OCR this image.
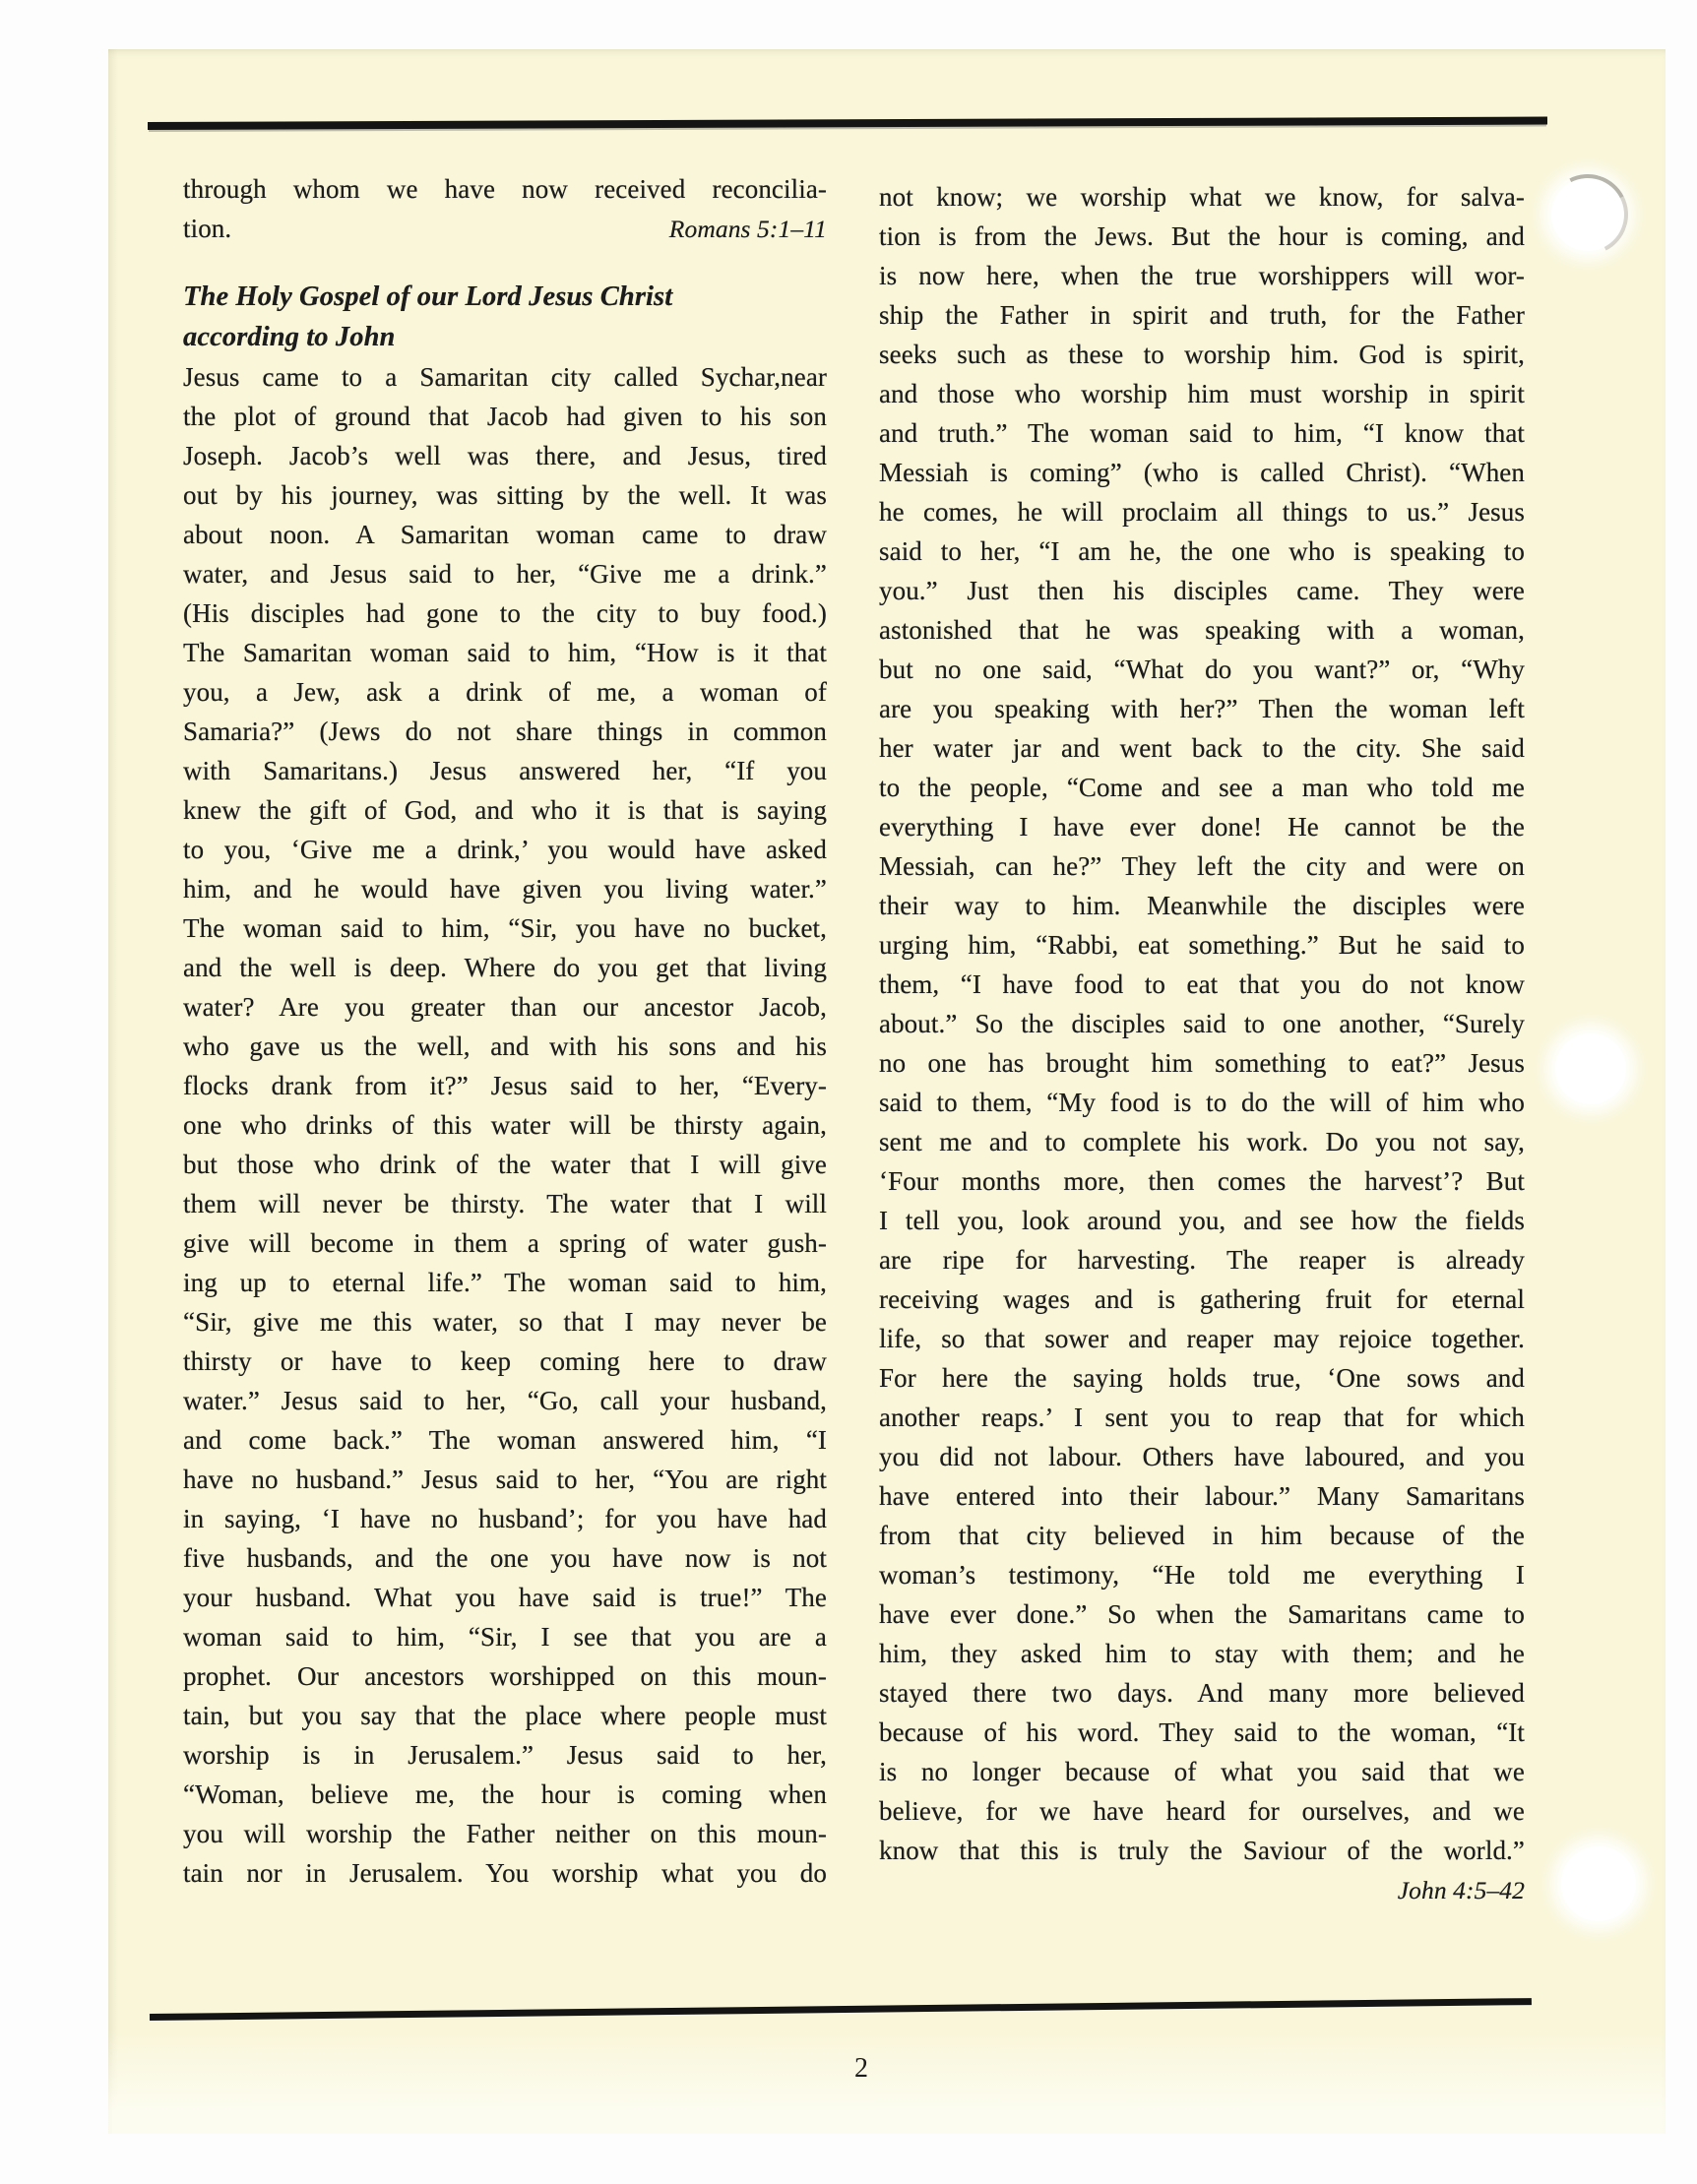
through whom we have now received reconcilia-
tion.	Romans 5:1–11
The Holy Gospel of our Lord Jesus Christ
according to John
Jesus came to a Samaritan city called Sychar,near
the plot of ground that Jacob had given to his son
Joseph. Jacob’s well was there, and Jesus, tired
out by his journey, was sitting by the well. It was
about noon. A Samaritan woman came to draw
water, and Jesus said to her, “Give me a drink.”
(His disciples had gone to the city to buy food.)
The Samaritan woman said to him, “How is it that
you, a Jew, ask a drink of me, a woman of
Samaria?” (Jews do not share things in common
with Samaritans.) Jesus answered her, “If you
knew the gift of God, and who it is that is saying
to you, ‘Give me a drink,’ you would have asked
him, and he would have given you living water.”
The woman said to him, “Sir, you have no bucket,
and the well is deep. Where do you get that living
water? Are you greater than our ancestor Jacob,
who gave us the well, and with his sons and his
flocks drank from it?” Jesus said to her, “Every-
one who drinks of this water will be thirsty again,
but those who drink of the water that I will give
them will never be thirsty. The water that I will
give will become in them a spring of water gush-
ing up to eternal life.” The woman said to him,
“Sir, give me this water, so that I may never be
thirsty or have to keep coming here to draw
water.” Jesus said to her, “Go, call your husband,
and come back.” The woman answered him, “I
have no husband.” Jesus said to her, “You are right
in saying, ‘I have no husband’; for you have had
five husbands, and the one you have now is not
your husband. What you have said is true!” The
woman said to him, “Sir, I see that you are a
prophet. Our ancestors worshipped on this moun-
tain, but you say that the place where people must
worship is in Jerusalem.” Jesus said to her,
“Woman, believe me, the hour is coming when
you will worship the Father neither on this moun-
tain nor in Jerusalem. You worship what you do
not know; we worship what we know, for salva-
tion is from the Jews. But the hour is coming, and
is now here, when the true worshippers will wor-
ship the Father in spirit and truth, for the Father
seeks such as these to worship him. God is spirit,
and those who worship him must worship in spirit
and truth.” The woman said to him, “I know that
Messiah is coming” (who is called Christ). “When
he comes, he will proclaim all things to us.” Jesus
said to her, “I am he, the one who is speaking to
you.” Just then his disciples came. They were
astonished that he was speaking with a woman,
but no one said, “What do you want?” or, “Why
are you speaking with her?” Then the woman left
her water jar and went back to the city. She said
to the people, “Come and see a man who told me
everything I have ever done! He cannot be the
Messiah, can he?” They left the city and were on
their way to him. Meanwhile the disciples were
urging him, “Rabbi, eat something.” But he said to
them, “I have food to eat that you do not know
about.” So the disciples said to one another, “Surely
no one has brought him something to eat?” Jesus
said to them, “My food is to do the will of him who
sent me and to complete his work. Do you not say,
‘Four months more, then comes the harvest’? But
I tell you, look around you, and see how the fields
are ripe for harvesting. The reaper is already
receiving wages and is gathering fruit for eternal
life, so that sower and reaper may rejoice together.
For here the saying holds true, ‘One sows and
another reaps.’ I sent you to reap that for which
you did not labour. Others have laboured, and you
have entered into their labour.” Many Samaritans
from that city believed in him because of the
woman’s testimony, “He told me everything I
have ever done.” So when the Samaritans came to
him, they asked him to stay with them; and he
stayed there two days. And many more believed
because of his word. They said to the woman, “It
is no longer because of what you said that we
believe, for we have heard for ourselves, and we
know that this is truly the Saviour of the world.”
John 4:5–42
2
